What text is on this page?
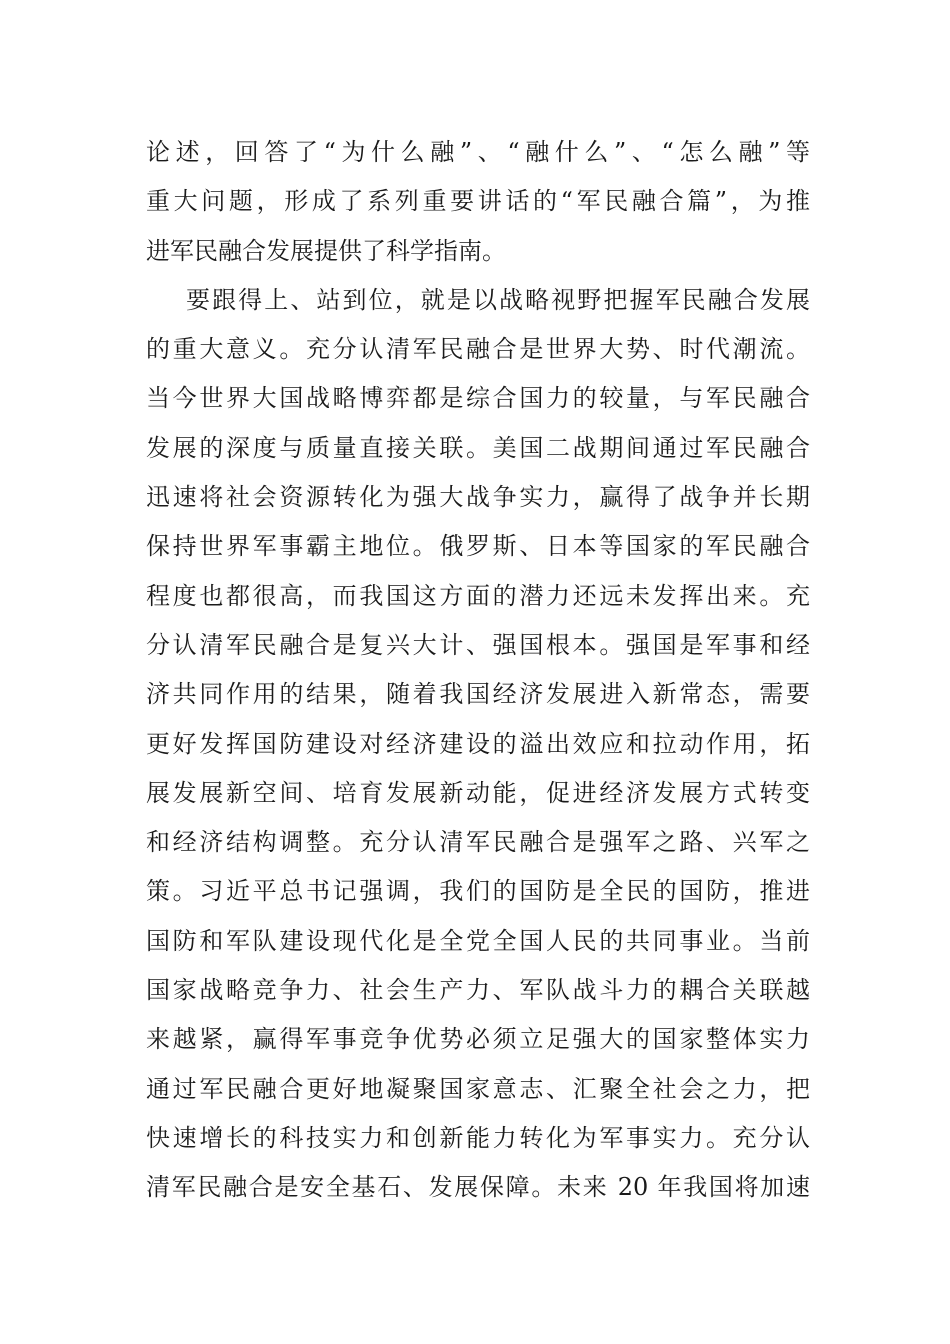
论述，回答了“为什么融”、“融什么”、“怎么融”等
重大问题，形成了系列重要讲话的“军民融合篇”，为推
进军民融合发展提供了科学指南。
要跟得上、站到位，就是以战略视野把握军民融合发展
的重大意义。充分认清军民融合是世界大势、时代潮流。
当今世界大国战略博弈都是综合国力的较量，与军民融合
发展的深度与质量直接关联。美国二战期间通过军民融合
迅速将社会资源转化为强大战争实力，赢得了战争并长期
保持世界军事霸主地位。俄罗斯、日本等国家的军民融合
程度也都很高，而我国这方面的潜力还远未发挥出来。充
分认清军民融合是复兴大计、强国根本。强国是军事和经
济共同作用的结果，随着我国经济发展进入新常态，需要
更好发挥国防建设对经济建设的溢出效应和拉动作用，拓
展发展新空间、培育发展新动能，促进经济发展方式转变
和经济结构调整。充分认清军民融合是强军之路、兴军之
策。习近平总书记强调，我们的国防是全民的国防，推进
国防和军队建设现代化是全党全国人民的共同事业。当前
国家战略竞争力、社会生产力、军队战斗力的耦合关联越
来越紧，赢得军事竞争优势必须立足强大的国家整体实力
通过军民融合更好地凝聚国家意志、汇聚全社会之力，把
快速增长的科技实力和创新能力转化为军事实力。充分认
清军民融合是安全基石、发展保障。未来 20 年我国将加速
